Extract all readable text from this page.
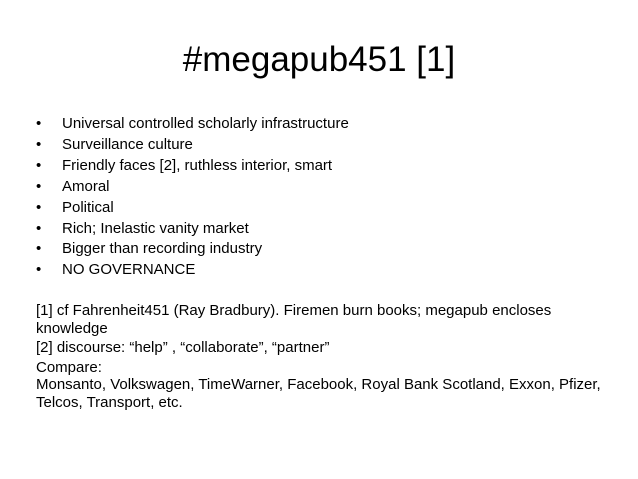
#megapub451 [1]
• Universal controlled scholarly infrastructure
• Surveillance culture
• Friendly faces [2], ruthless interior, smart
• Amoral
• Political
• Rich; Inelastic vanity market
• Bigger than recording industry
• NO GOVERNANCE

[1] cf Fahrenheit451 (Ray Bradbury). Firemen burn books; megapub encloses knowledge

[2] discourse: “help” , “collaborate”, “partner”

Compare:

Monsanto, Volkswagen, TimeWarner, Facebook, Royal Bank Scotland, Exxon, Pfizer, Telcos, Transport, etc.
